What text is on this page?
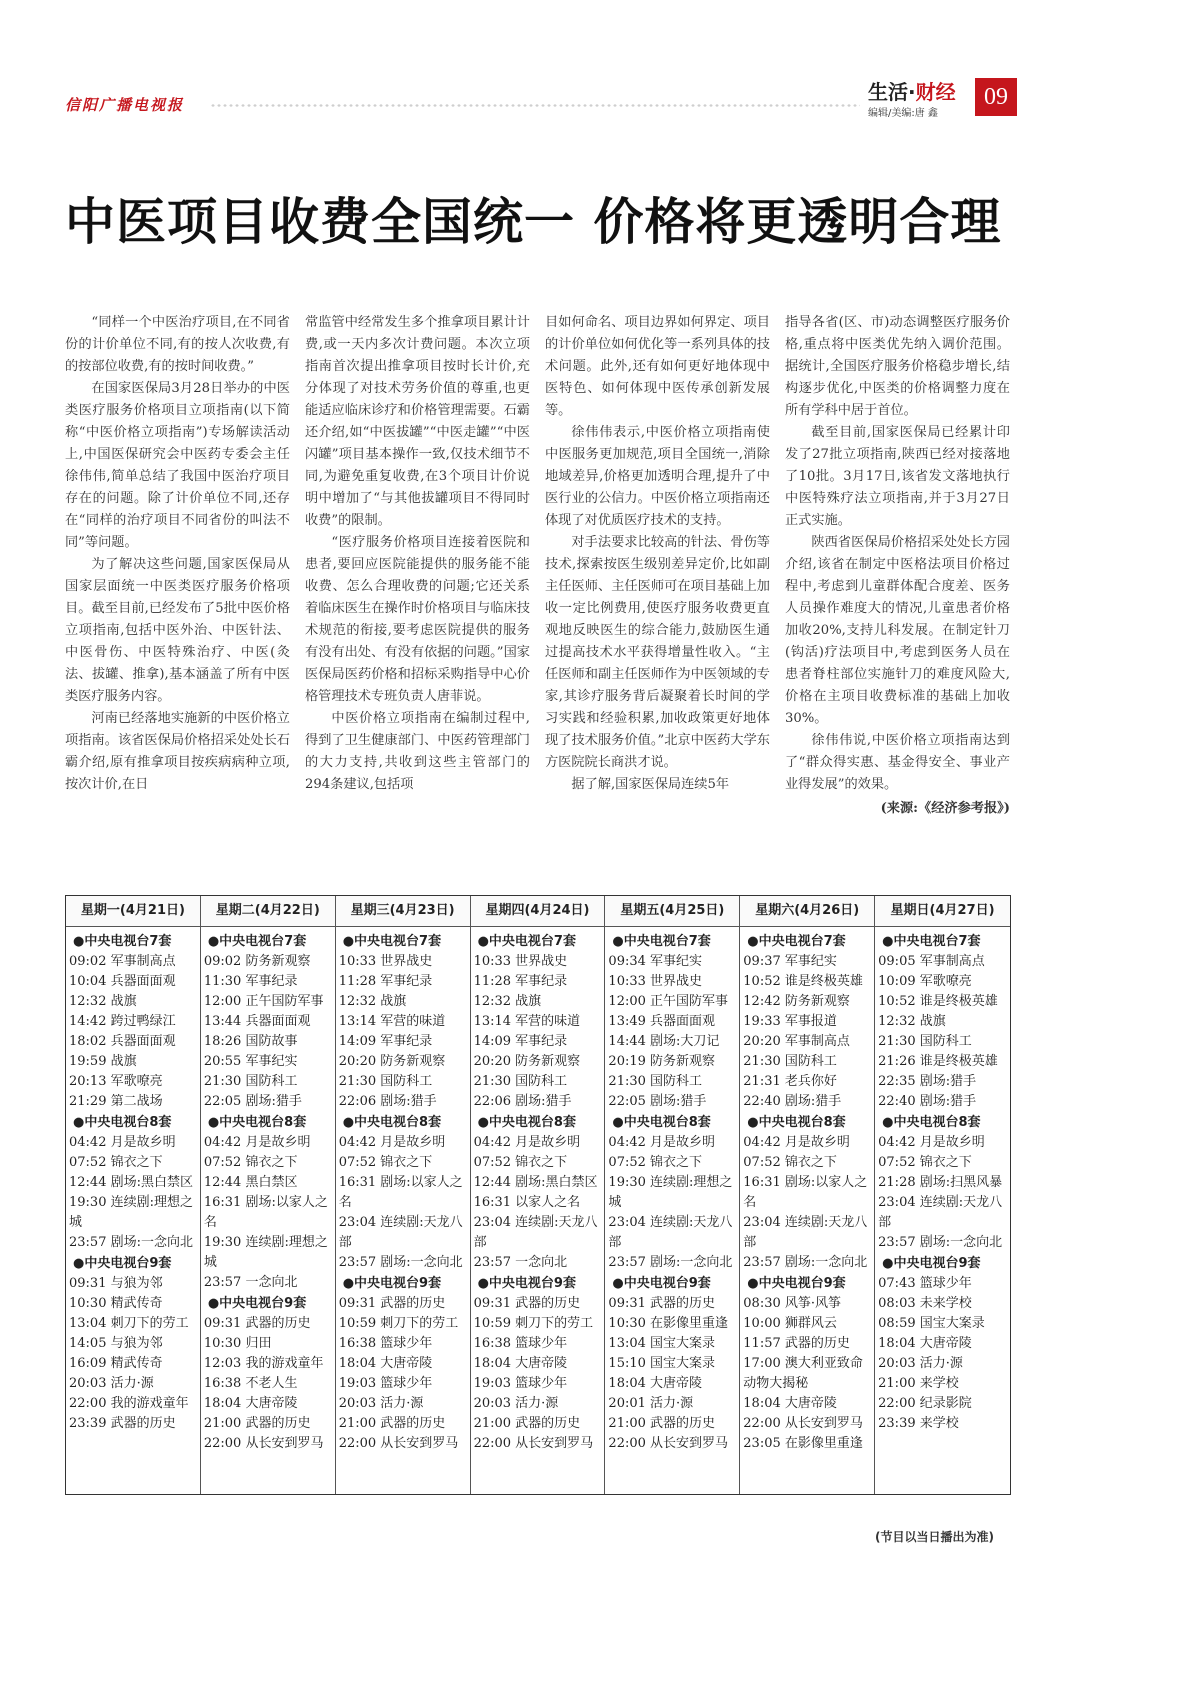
信阳广播电视报
生活·财经
编辑/美编:唐 鑫
09
中医项目收费全国统一 价格将更透明合理

“同样一个中医治疗项目,在不同省份的计价单位不同,有的按人次收费,有的按部位收费,有的按时间收费。”

在国家医保局3月28日举办的中医类医疗服务价格项目立项指南(以下简称“中医价格立项指南”)专场解读活动上,中国医保研究会中医药专委会主任徐伟伟,简单总结了我国中医治疗项目存在的问题。除了计价单位不同,还存在“同样的治疗项目不同省份的叫法不同”等问题。

为了解决这些问题,国家医保局从国家层面统一中医类医疗服务价格项目。截至目前,已经发布了5批中医价格立项指南,包括中医外治、中医针法、中医骨伤、中医特殊治疗、中医(灸法、拔罐、推拿),基本涵盖了所有中医类医疗服务内容。

河南已经落地实施新的中医价格立项指南。该省医保局价格招采处处长石霸介绍,原有推拿项目按疾病病种立项,按次计价,在日

常监管中经常发生多个推拿项目累计计费,或一天内多次计费问题。本次立项指南首次提出推拿项目按时长计价,充分体现了对技术劳务价值的尊重,也更能适应临床诊疗和价格管理需要。石霸还介绍,如“中医拔罐”“中医走罐”“中医闪罐”项目基本操作一致,仅技术细节不同,为避免重复收费,在3个项目计价说明中增加了“与其他拔罐项目不得同时收费”的限制。

“医疗服务价格项目连接着医院和患者,要回应医院能提供的服务能不能收费、怎么合理收费的问题;它还关系着临床医生在操作时价格项目与临床技术规范的衔接,要考虑医院提供的服务有没有出处、有没有依据的问题。”国家医保局医药价格和招标采购指导中心价格管理技术专班负责人唐菲说。

中医价格立项指南在编制过程中,得到了卫生健康部门、中医药管理部门的大力支持,共收到这些主管部门的294条建议,包括项

目如何命名、项目边界如何界定、项目的计价单位如何优化等一系列具体的技术问题。此外,还有如何更好地体现中医特色、如何体现中医传承创新发展等。

徐伟伟表示,中医价格立项指南使中医服务更加规范,项目全国统一,消除地域差异,价格更加透明合理,提升了中医行业的公信力。中医价格立项指南还体现了对优质医疗技术的支持。

对手法要求比较高的针法、骨伤等技术,探索按医生级别差异定价,比如副主任医师、主任医师可在项目基础上加收一定比例费用,使医疗服务收费更直观地反映医生的综合能力,鼓励医生通过提高技术水平获得增量性收入。“主任医师和副主任医师作为中医领域的专家,其诊疗服务背后凝聚着长时间的学习实践和经验积累,加收政策更好地体现了技术服务价值。”北京中医药大学东方医院院长商洪才说。

据了解,国家医保局连续5年

指导各省(区、市)动态调整医疗服务价格,重点将中医类优先纳入调价范围。据统计,全国医疗服务价格稳步增长,结构逐步优化,中医类的价格调整力度在所有学科中居于首位。

截至目前,国家医保局已经累计印发了27批立项指南,陕西已经对接落地了10批。3月17日,该省发文落地执行中医特殊疗法立项指南,并于3月27日正式实施。

陕西省医保局价格招采处处长方园介绍,该省在制定中医格法项目价格过程中,考虑到儿童群体配合度差、医务人员操作难度大的情况,儿童患者价格加收20%,支持儿科发展。在制定针刀(钩活)疗法项目中,考虑到医务人员在患者脊柱部位实施针刀的难度风险大,价格在主项目收费标准的基础上加收30%。

徐伟伟说,中医价格立项指南达到了“群众得实惠、基金得安全、事业产业得发展”的效果。

(来源:《经济参考报》)

星期一(4月21日)
●中央电视台7套
09:02 军事制高点
10:04 兵器面面观
12:32 战旗
14:42 跨过鸭绿江
18:02 兵器面面观
19:59 战旗
20:13 军歌嘹亮
21:29 第二战场
●中央电视台8套
04:42 月是故乡明
07:52 锦衣之下
12:44 剧场:黑白禁区
19:30 连续剧:理想之城
23:57 剧场:一念向北
●中央电视台9套
09:31 与狼为邻
10:30 精武传奇
13:04 刺刀下的劳工
14:05 与狼为邻
16:09 精武传奇
20:03 活力·源
22:00 我的游戏童年
23:39 武器的历史
星期二(4月22日)
●中央电视台7套
09:02 防务新观察
11:30 军事纪录
12:00 正午国防军事
13:44 兵器面面观
18:26 国防故事
20:55 军事纪实
21:30 国防科工
22:05 剧场:猎手
●中央电视台8套
04:42 月是故乡明
07:52 锦衣之下
12:44 黑白禁区
16:31 剧场:以家人之名
19:30 连续剧:理想之城
23:57 一念向北
●中央电视台9套
09:31 武器的历史
10:30 归田
12:03 我的游戏童年
16:38 不老人生
18:04 大唐帝陵
21:00 武器的历史
22:00 从长安到罗马
星期三(4月23日)
●中央电视台7套
10:33 世界战史
11:28 军事纪录
12:32 战旗
13:14 军营的味道
14:09 军事纪录
20:20 防务新观察
21:30 国防科工
22:06 剧场:猎手
●中央电视台8套
04:42 月是故乡明
07:52 锦衣之下
16:31 剧场:以家人之名
23:04 连续剧:天龙八部
23:57 剧场:一念向北
●中央电视台9套
09:31 武器的历史
10:59 刺刀下的劳工
16:38 篮球少年
18:04 大唐帝陵
19:03 篮球少年
20:03 活力·源
21:00 武器的历史
22:00 从长安到罗马
星期四(4月24日)
●中央电视台7套
10:33 世界战史
11:28 军事纪录
12:32 战旗
13:14 军营的味道
14:09 军事纪录
20:20 防务新观察
21:30 国防科工
22:06 剧场:猎手
●中央电视台8套
04:42 月是故乡明
07:52 锦衣之下
12:44 剧场:黑白禁区
16:31 以家人之名
23:04 连续剧:天龙八部
23:57 一念向北
●中央电视台9套
09:31 武器的历史
10:59 刺刀下的劳工
16:38 篮球少年
18:04 大唐帝陵
19:03 篮球少年
20:03 活力·源
21:00 武器的历史
22:00 从长安到罗马
星期五(4月25日)
●中央电视台7套
09:34 军事纪实
10:33 世界战史
12:00 正午国防军事
13:49 兵器面面观
14:44 剧场:大刀记
20:19 防务新观察
21:30 国防科工
22:05 剧场:猎手
●中央电视台8套
04:42 月是故乡明
07:52 锦衣之下
19:30 连续剧:理想之城
23:04 连续剧:天龙八部
23:57 剧场:一念向北
●中央电视台9套
09:31 武器的历史
10:30 在影像里重逢
13:04 国宝大案录
15:10 国宝大案录
18:04 大唐帝陵
20:01 活力·源
21:00 武器的历史
22:00 从长安到罗马
星期六(4月26日)
●中央电视台7套
09:37 军事纪实
10:52 谁是终极英雄
12:42 防务新观察
19:33 军事报道
20:20 军事制高点
21:30 国防科工
21:31 老兵你好
22:40 剧场:猎手
●中央电视台8套
04:42 月是故乡明
07:52 锦衣之下
16:31 剧场:以家人之名
23:04 连续剧:天龙八部
23:57 剧场:一念向北
●中央电视台9套
08:30 风筝·风筝
10:00 狮群风云
11:57 武器的历史
17:00 澳大利亚致命动物大揭秘
18:04 大唐帝陵
22:00 从长安到罗马
23:05 在影像里重逢
星期日(4月27日)
●中央电视台7套
09:05 军事制高点
10:09 军歌嘹亮
10:52 谁是终极英雄
12:32 战旗
21:30 国防科工
21:26 谁是终极英雄
22:35 剧场:猎手
22:40 剧场:猎手
●中央电视台8套
04:42 月是故乡明
07:52 锦衣之下
21:28 剧场:扫黑风暴
23:04 连续剧:天龙八部
23:57 剧场:一念向北
●中央电视台9套
07:43 篮球少年
08:03 未来学校
08:59 国宝大案录
18:04 大唐帝陵
20:03 活力·源
21:00 来学校
22:00 纪录影院
23:39 来学校
(节目以当日播出为准)
